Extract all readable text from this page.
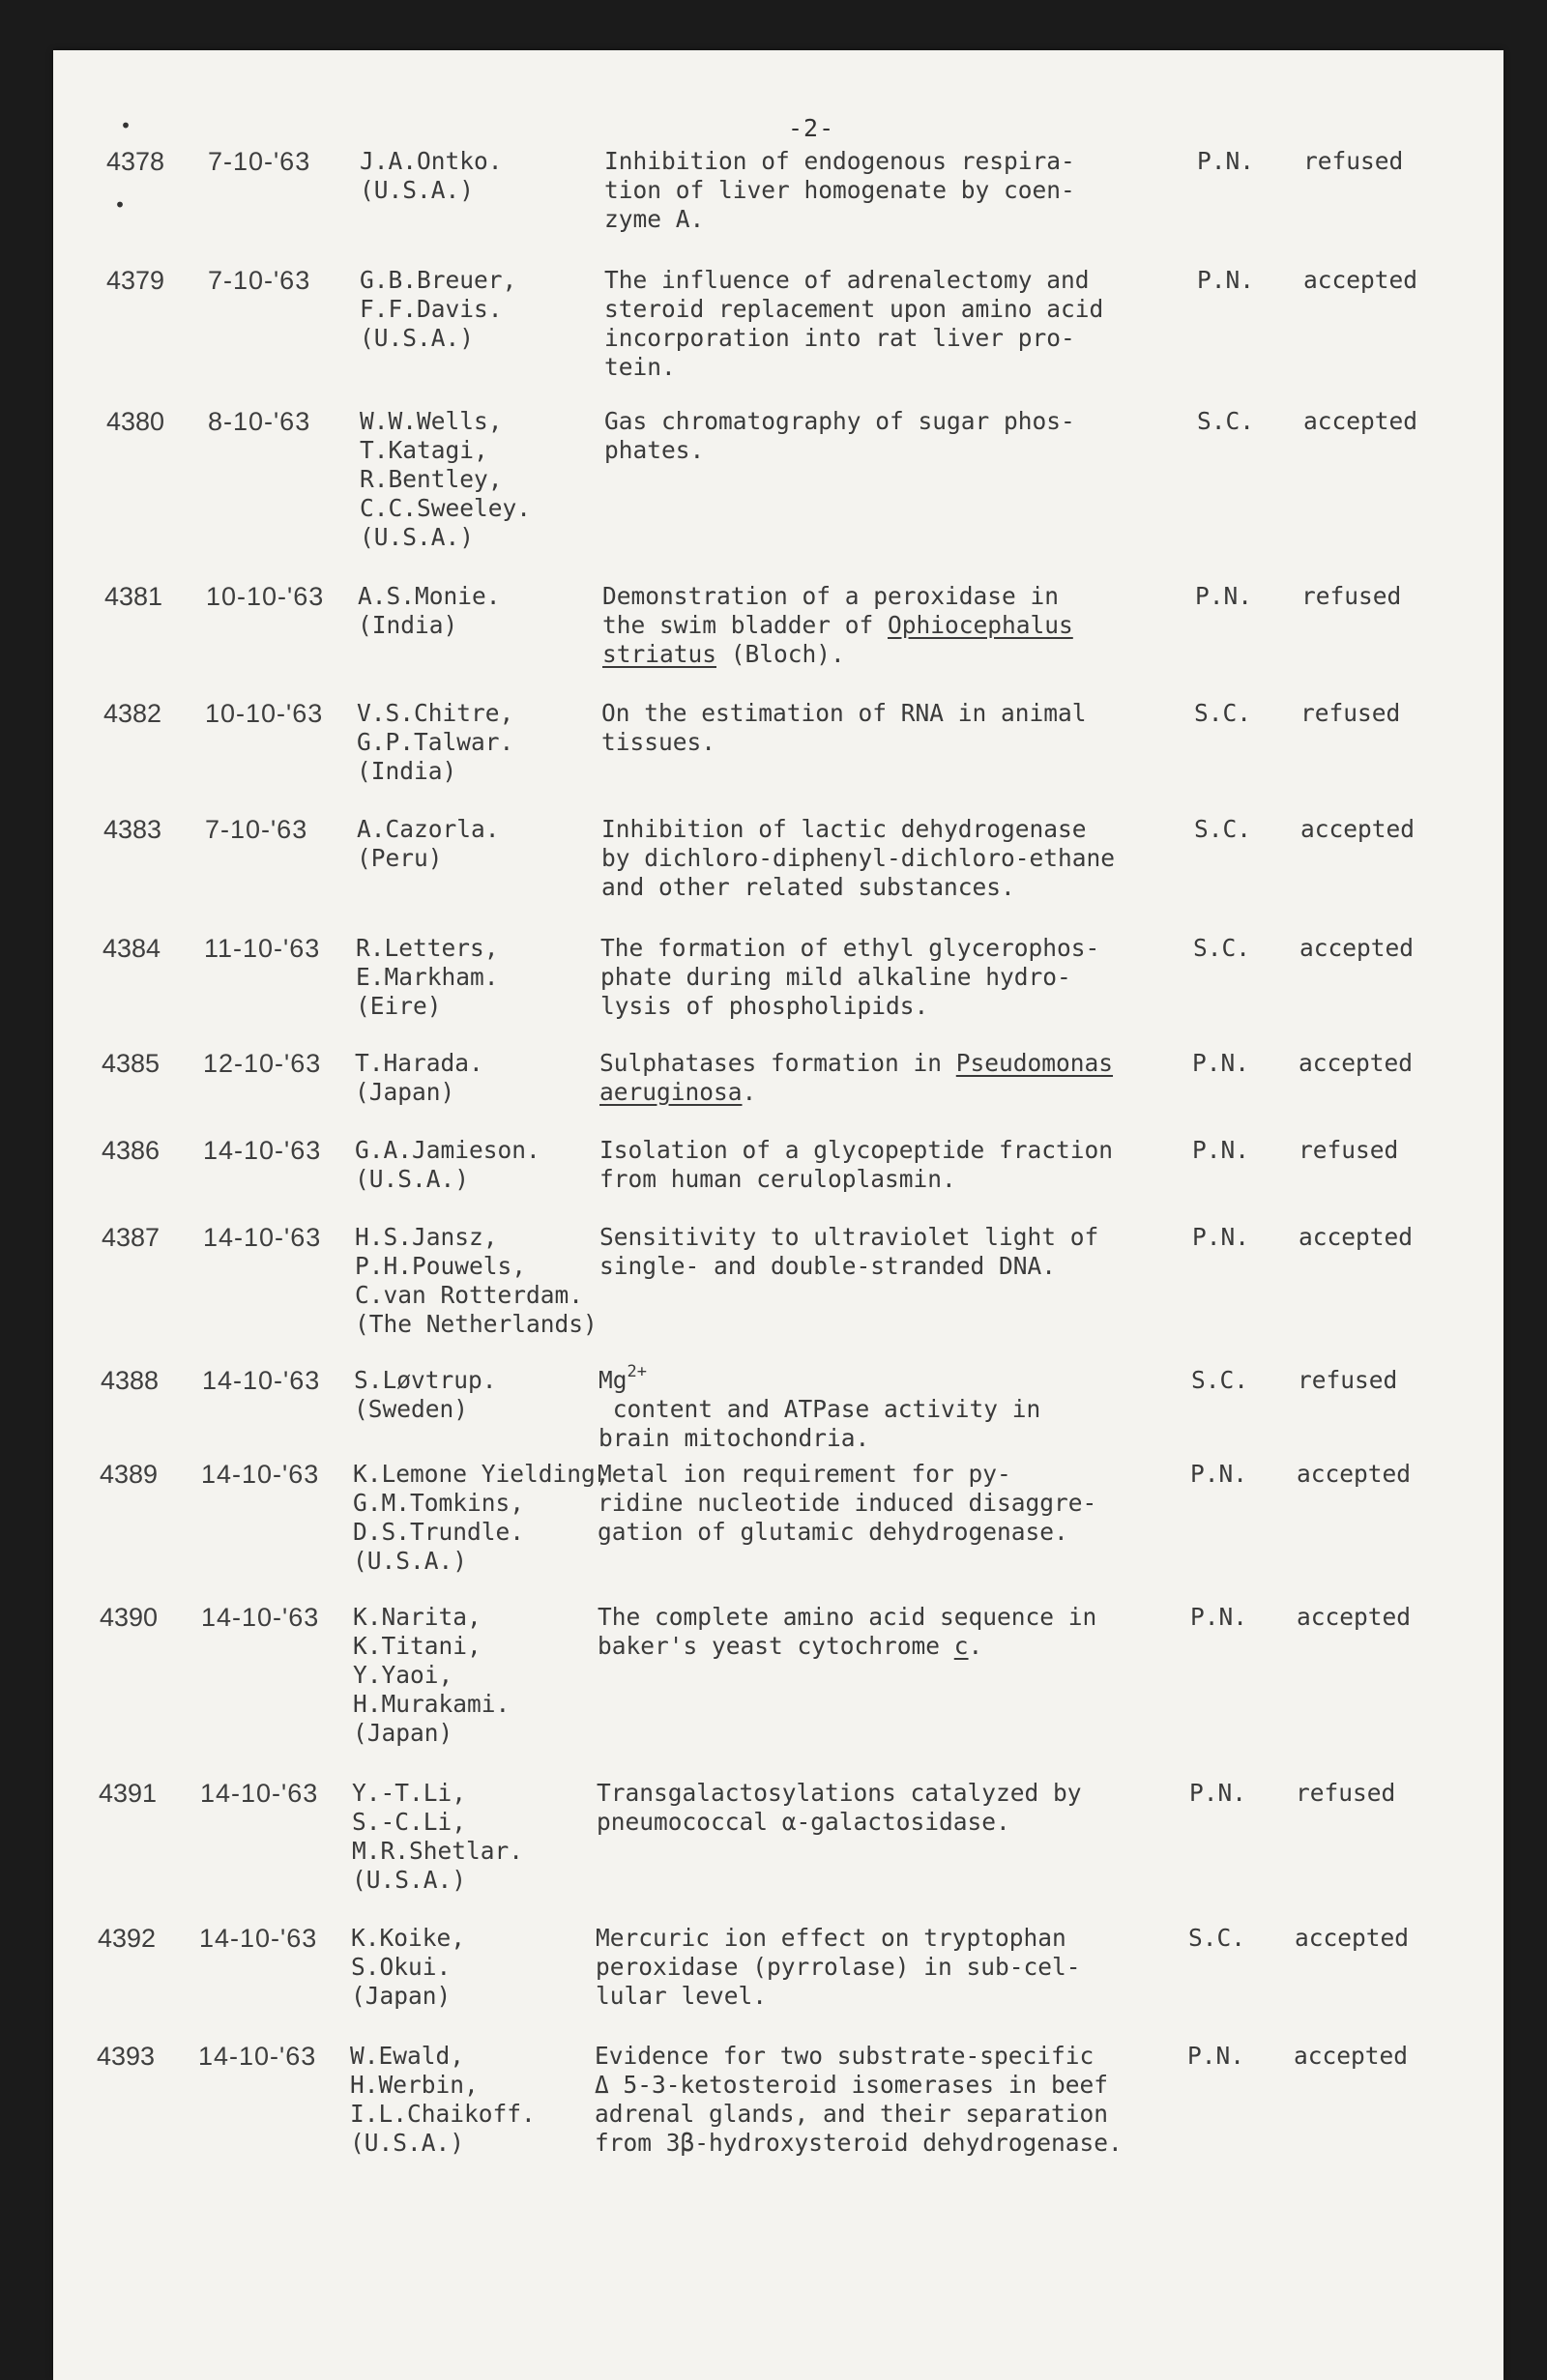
-2-
•
•
4378 7-10-'63 J.A.Ontko.
(U.S.A.)
Inhibition of endogenous respira-
tion of liver homogenate by coen-
zyme A.
P.N. refused
4379 7-10-'63 G.B.Breuer,
F.F.Davis.
(U.S.A.)
The influence of adrenalectomy and
steroid replacement upon amino acid
incorporation into rat liver pro-
tein.
P.N. accepted
4380 8-10-'63 W.W.Wells,
T.Katagi,
R.Bentley,
C.C.Sweeley.
(U.S.A.)
Gas chromatography of sugar phos-
phates.
S.C. accepted
4381 10-10-'63 A.S.Monie.
(India)
Demonstration of a peroxidase in
the swim bladder of Ophiocephalus
striatus (Bloch).
P.N. refused
4382 10-10-'63 V.S.Chitre,
G.P.Talwar.
(India)
On the estimation of RNA in animal
tissues.
S.C. refused
4383 7-10-'63 A.Cazorla.
(Peru)
Inhibition of lactic dehydrogenase
by dichloro-diphenyl-dichloro-ethane
and other related substances.
S.C. accepted
4384 11-10-'63 R.Letters,
E.Markham.
(Eire)
The formation of ethyl glycerophos-
phate during mild alkaline hydro-
lysis of phospholipids.
S.C. accepted
4385 12-10-'63 T.Harada.
(Japan)
Sulphatases formation in Pseudomonas
aeruginosa.
P.N. accepted
4386 14-10-'63 G.A.Jamieson.
(U.S.A.)
Isolation of a glycopeptide fraction
from human ceruloplasmin.
P.N. refused
4387 14-10-'63 H.S.Jansz,
P.H.Pouwels,
C.van Rotterdam.
(The Netherlands)
Sensitivity to ultraviolet light of
single- and double-stranded DNA.
P.N. accepted
4388 14-10-'63 S.Løvtrup.
(Sweden)
$Mg^{2+}$
content and ATPase activity in
brain mitochondria.
S.C. refused
4389 14-10-'63 K.Lemone Yielding,
G.M.Tomkins,
D.S.Trundle.
(U.S.A.)
Metal ion requirement for py-
ridine nucleotide induced disaggre-
gation of glutamic dehydrogenase.
P.N. accepted
4390 14-10-'63 K.Narita,
K.Titani,
Y.Yaoi,
H.Murakami.
(Japan)
The complete amino acid sequence in
baker's yeast cytochrome c.
P.N. accepted
4391 14-10-'63 Y.-T.Li,
S.-C.Li,
M.R.Shetlar.
(U.S.A.)
Transgalactosylations catalyzed by
pneumococcal α-galactosidase.
P.N. refused
4392 14-10-'63 K.Koike,
S.Okui.
(Japan)
Mercuric ion effect on tryptophan
peroxidase (pyrrolase) in sub-cel-
lular level.
S.C. accepted
4393 14-10-'63 W.Ewald,
H.Werbin,
I.L.Chaikoff.
(U.S.A.)
Evidence for two substrate-specific
Δ 5-3-ketosteroid isomerases in beef
adrenal glands, and their separation
from 3β-hydroxysteroid dehydrogenase.
P.N. accepted
